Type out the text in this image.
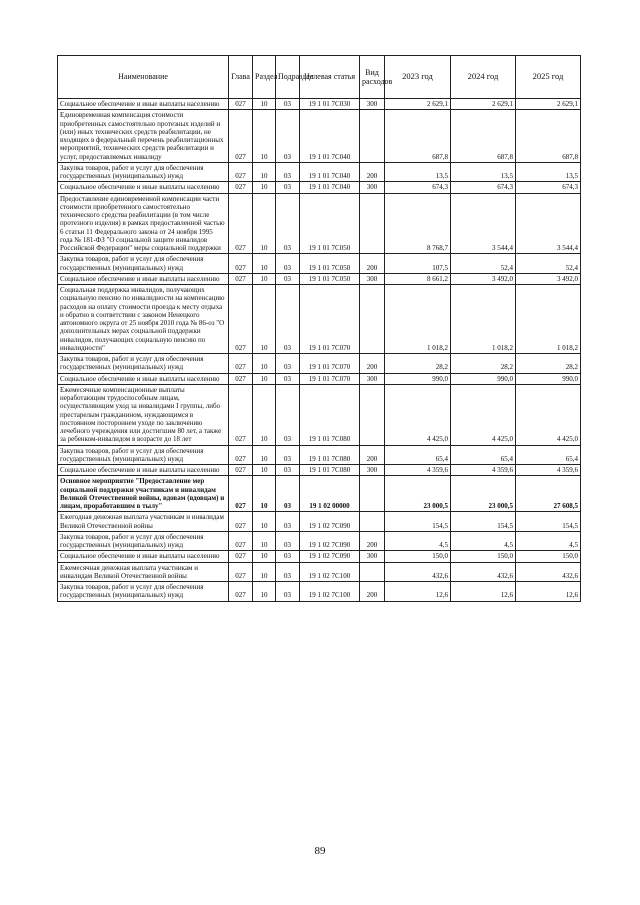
Наименование	Глава	Раздел	Подраздел	Целевая статья	Вид расходов	2023 год	2024 год	2025 год
Социальное обеспечение и иные выплаты населению	027	10	03	19 1 01 7С030	300	2 629,1	2 629,1	2 629,1
Единовременная компенсация стоимости приобретенных самостоятельно протезных изделий и (или) иных технических средств реабилитации, не входящих в федеральный перечень реабилитационных мероприятий, технических средств реабилитации и услуг, предоставляемых инвалиду	027	10	03	19 1 01 7С040		687,8	687,8	687,8
Закупка товаров, работ и услуг для обеспечения государственных (муниципальных) нужд	027	10	03	19 1 01 7С040	200	13,5	13,5	13,5
Социальное обеспечение и иные выплаты населению	027	10	03	19 1 01 7С040	300	674,3	674,3	674,3
Предоставление единовременной компенсации части стоимости приобретенного самостоятельно технического средства реабилитации (в том числе протезного изделия) в рамках предоставленной частью 6 статьи 11 Федерального закона от 24 ноября 1995 года № 181-ФЗ "О социальной защите инвалидов Российской Федерации" меры социальной поддержки	027	10	03	19 1 01 7С050		8 768,7	3 544,4	3 544,4
Закупка товаров, работ и услуг для обеспечения государственных (муниципальных) нужд	027	10	03	19 1 01 7С050	200	107,5	52,4	52,4
Социальное обеспечение и иные выплаты населению	027	10	03	19 1 01 7С050	300	8 661,2	3 492,0	3 492,0
Социальная поддержка инвалидов, получающих социальную пенсию по инвалидности на компенсацию расходов на оплату стоимости проезда к месту отдыха и обратно в соответствии с законом Ненецкого автономного округа от 25 ноября 2010 года № 86-оз "О дополнительных мерах социальной поддержки инвалидов, получающих социальную пенсию по инвалидности"	027	10	03	19 1 01 7С070		1 018,2	1 018,2	1 018,2
Закупка товаров, работ и услуг для обеспечения государственных (муниципальных) нужд	027	10	03	19 1 01 7С070	200	28,2	28,2	28,2
Социальное обеспечение и иные выплаты населению	027	10	03	19 1 01 7С070	300	990,0	990,0	990,0
Ежемесячные компенсационные выплаты неработающим трудоспособным лицам, осуществляющим уход за инвалидами I группы, либо престарелым гражданином, нуждающимся в постоянном постороннем уходе по заключению лечебного учреждения или достигшим 80 лет, а также за ребенком-инвалидом в возрасте до 18 лет	027	10	03	19 1 01 7С080		4 425,0	4 425,0	4 425,0
Закупка товаров, работ и услуг для обеспечения государственных (муниципальных) нужд	027	10	03	19 1 01 7С080	200	65,4	65,4	65,4
Социальное обеспечение и иные выплаты населению	027	10	03	19 1 01 7С080	300	4 359,6	4 359,6	4 359,6
Основное мероприятие "Предоставление мер социальной поддержки участникам и инвалидам Великой Отечественной войны, вдовам (вдовцам) и лицам, проработавшим в тылу"	027	10	03	19 1 02 00000		23 000,5	23 000,5	27 608,5
Ежегодная денежная выплата участникам и инвалидам Великой Отечественной войны	027	10	03	19 1 02 7С090		154,5	154,5	154,5
Закупка товаров, работ и услуг для обеспечения государственных (муниципальных) нужд	027	10	03	19 1 02 7С090	200	4,5	4,5	4,5
Социальное обеспечение и иные выплаты населению	027	10	03	19 1 02 7С090	300	150,0	150,0	150,0
Ежемесячная денежная выплата участникам и инвалидам Великой Отечественной войны	027	10	03	19 1 02 7С100		432,6	432,6	432,6
Закупка товаров, работ и услуг для обеспечения государственных (муниципальных) нужд	027	10	03	19 1 02 7С100	200	12,6	12,6	12,6
89
